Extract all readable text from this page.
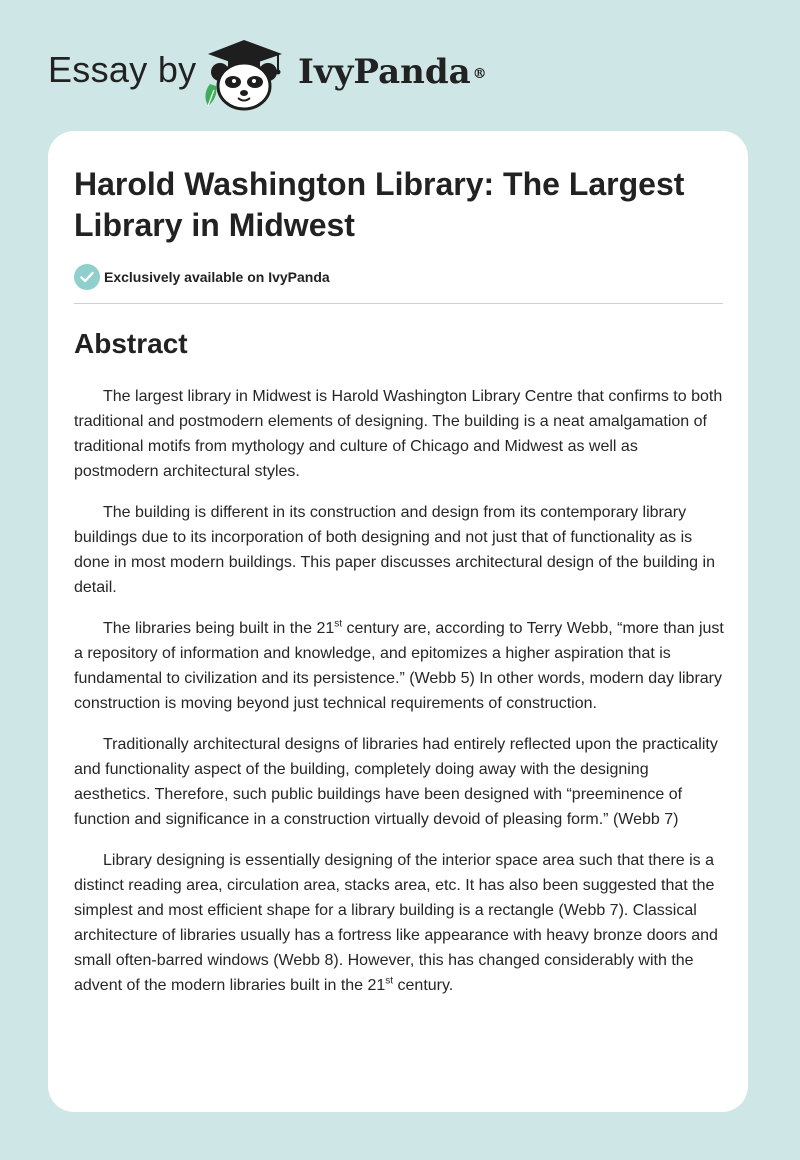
Essay by	IvyPanda ®
Harold Washington Library: The Largest Library in Midwest
Exclusively available on IvyPanda
Abstract

The largest library in Midwest is Harold Washington Library Centre that confirms to both traditional and postmodern elements of designing. The building is a neat amalgamation of traditional motifs from mythology and culture of Chicago and Midwest as well as postmodern architectural styles.

The building is different in its construction and design from its contemporary library buildings due to its incorporation of both designing and not just that of functionality as is done in most modern buildings. This paper discusses architectural design of the building in detail.

The libraries being built in the 21st century are, according to Terry Webb, “more than just a repository of information and knowledge, and epitomizes a higher aspiration that is fundamental to civilization and its persistence.” (Webb 5) In other words, modern day library construction is moving beyond just technical requirements of construction.

Traditionally architectural designs of libraries had entirely reflected upon the practicality and functionality aspect of the building, completely doing away with the designing aesthetics. Therefore, such public buildings have been designed with “preeminence of function and significance in a construction virtually devoid of pleasing form.” (Webb 7)

Library designing is essentially designing of the interior space area such that there is a distinct reading area, circulation area, stacks area, etc. It has also been suggested that the simplest and most efficient shape for a library building is a rectangle (Webb 7). Classical architecture of libraries usually has a fortress like appearance with heavy bronze doors and small often-barred windows (Webb 8). However, this has changed considerably with the advent of the modern libraries built in the 21st century.
